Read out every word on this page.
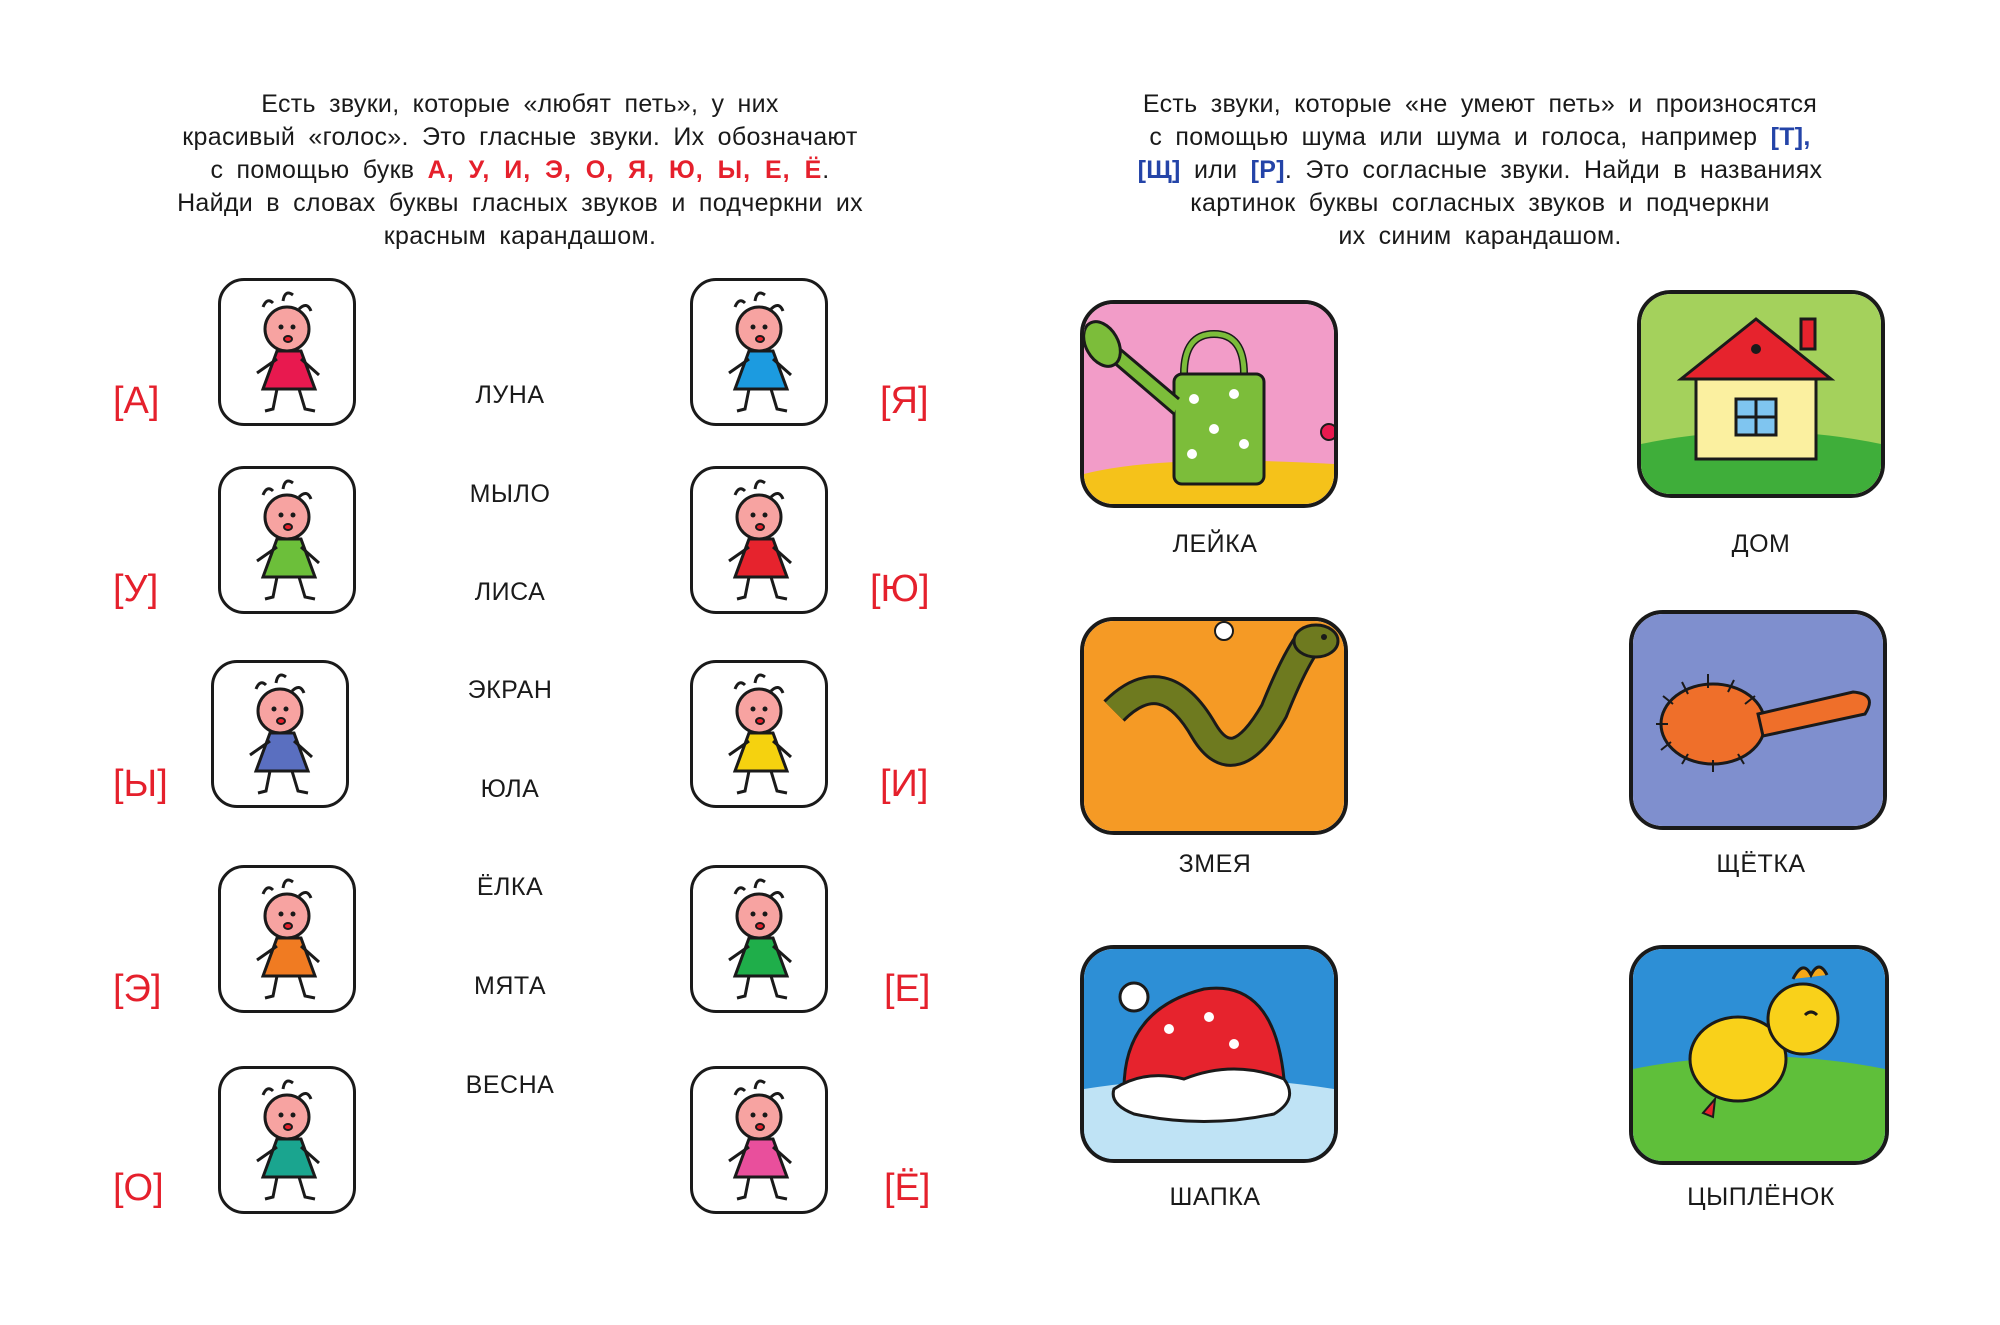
Есть звуки, которые «любят петь», у них
красивый «голос». Это гласные звуки. Их обозначают
с помощью букв А, У, И, Э, О, Я, Ю, Ы, Е, Ё.
Найди в словах буквы гласных звуков и подчеркни их
красным карандашом.
Есть звуки, которые «не умеют петь» и произносятся
с помощью шума или шума и голоса, например [Т],
[Щ] или [Р]. Это согласные звуки. Найди в названиях
картинок буквы согласных звуков и подчеркни
их синим карандашом.
[А]
[У]
[Ы]
[Э]
[О]
[Я]
[Ю]
[И]
[Е]
[Ё]
ЛУНА
МЫЛО
ЛИСА
ЭКРАН
ЮЛА
ЁЛКА
МЯТА
ВЕСНА
ЛЕЙКА	ДОМ
ЗМЕЯ	ЩЁТКА
ШАПКА	ЦЫПЛЁНОК
